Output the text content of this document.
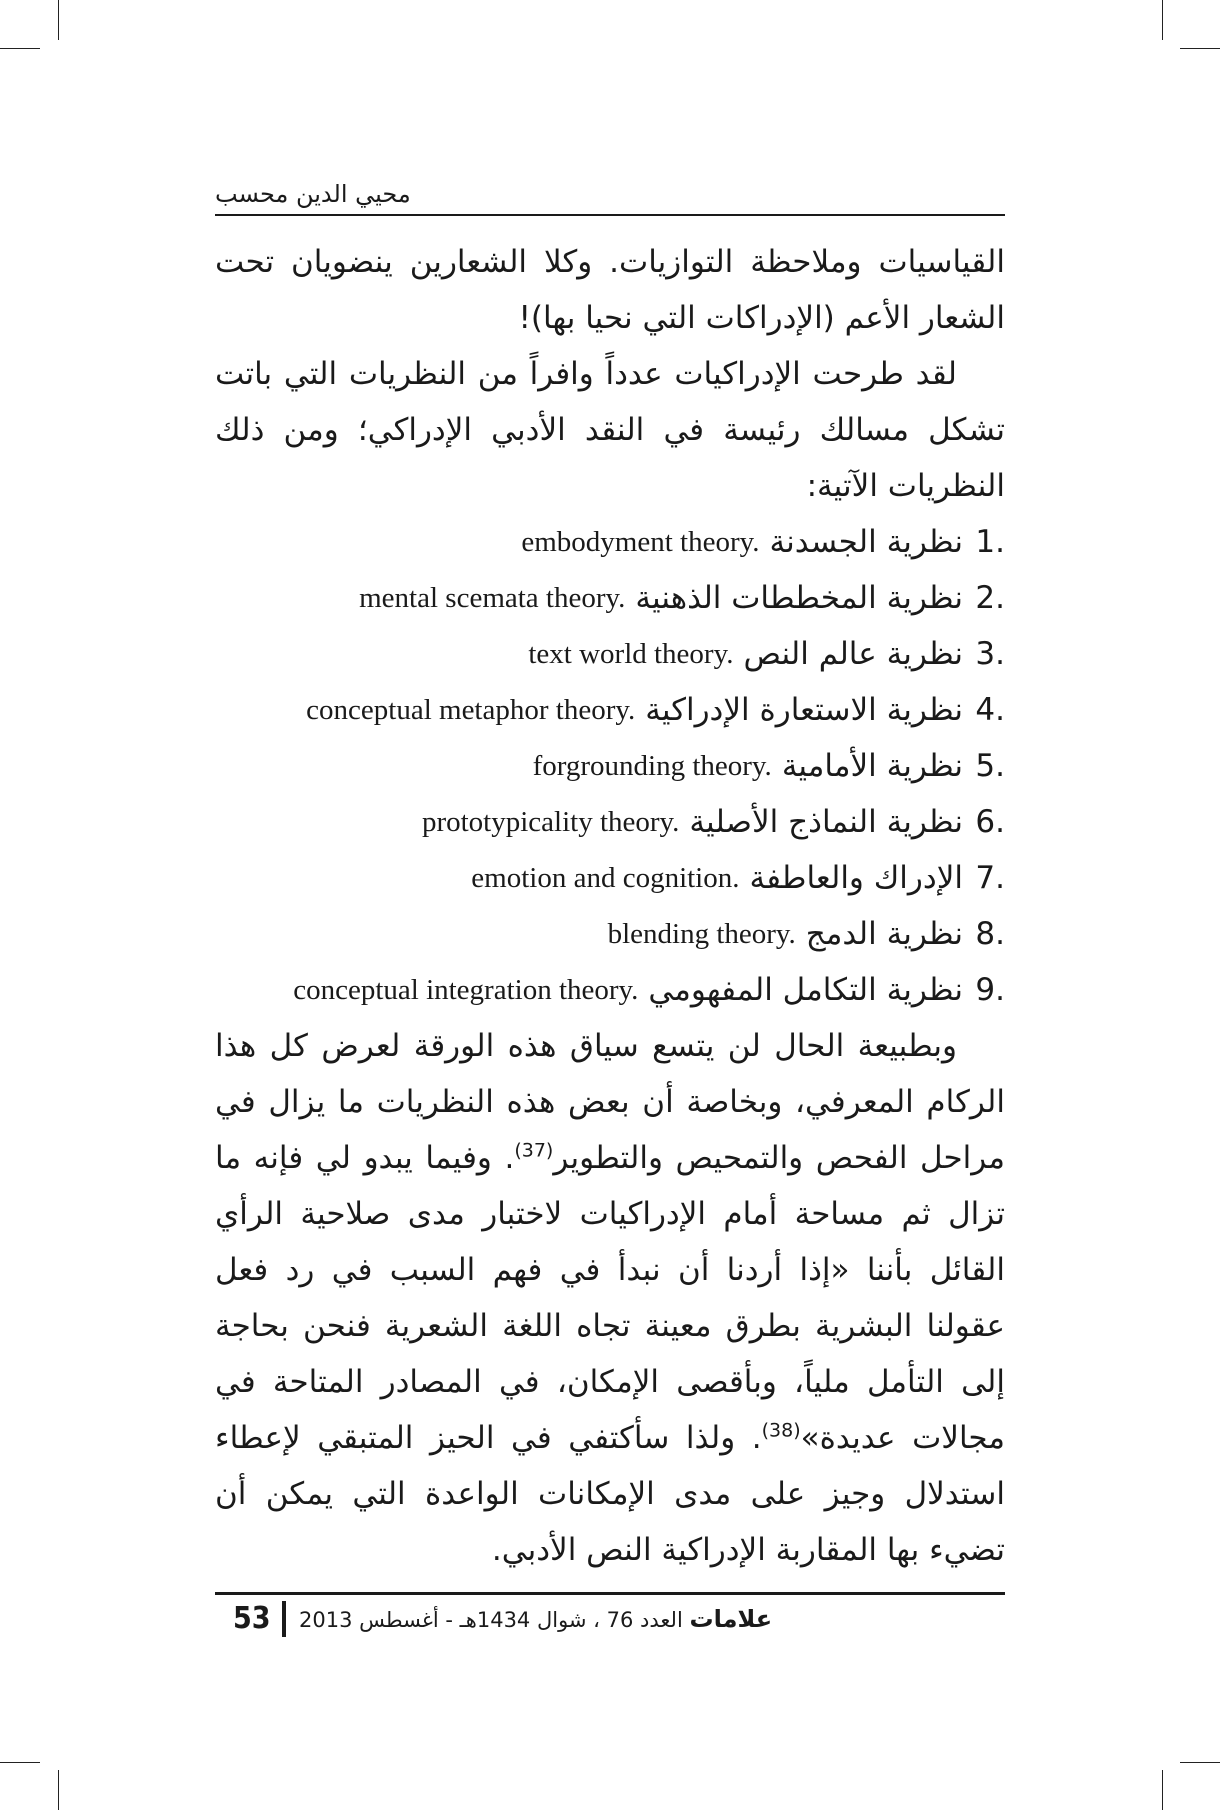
محيي الدين محسب

القياسيات وملاحظة التوازيات. وكلا الشعارين ينضويان تحت الشعار الأعم (الإدراكات التي نحيا بها)!

لقد طرحت الإدراكيات عدداً وافراً من النظريات التي باتت تشكل مسالك رئيسة في النقد الأدبي الإدراكي؛ ومن ذلك النظريات الآتية:

1.
نظرية الجسدنة
embodyment theory.
2.
نظرية المخططات الذهنية
mental scemata theory.
3.
نظرية عالم النص
text world theory.
4.
نظرية الاستعارة الإدراكية
conceptual metaphor theory.
5.
نظرية الأمامية
forgrounding theory.
6.
نظرية النماذج الأصلية
prototypicality theory.
7.
الإدراك والعاطفة
emotion and cognition.
8.
نظرية الدمج
blending theory.
9.
نظرية التكامل المفهومي
conceptual integration theory.

وبطبيعة الحال لن يتسع سياق هذه الورقة لعرض كل هذا الركام المعرفي، وبخاصة أن بعض هذه النظريات ما يزال في مراحل الفحص والتمحيص والتطوير$^{(37)}$. وفيما يبدو لي فإنه ما تزال ثم مساحة أمام الإدراكيات لاختبار مدى صلاحية الرأي القائل بأننا «إذا أردنا أن نبدأ في فهم السبب في رد فعل عقولنا البشرية بطرق معينة تجاه اللغة الشعرية فنحن بحاجة إلى التأمل ملياً، وبأقصى الإمكان، في المصادر المتاحة في مجالات عديدة»$^{(38)}$. ولذا سأكتفي في الحيز المتبقي لإعطاء استدلال وجيز على مدى الإمكانات الواعدة التي يمكن أن تضيء بها المقاربة الإدراكية النص الأدبي.

53	علامات العدد 76 ، شوال 1434هـ - أغسطس 2013
